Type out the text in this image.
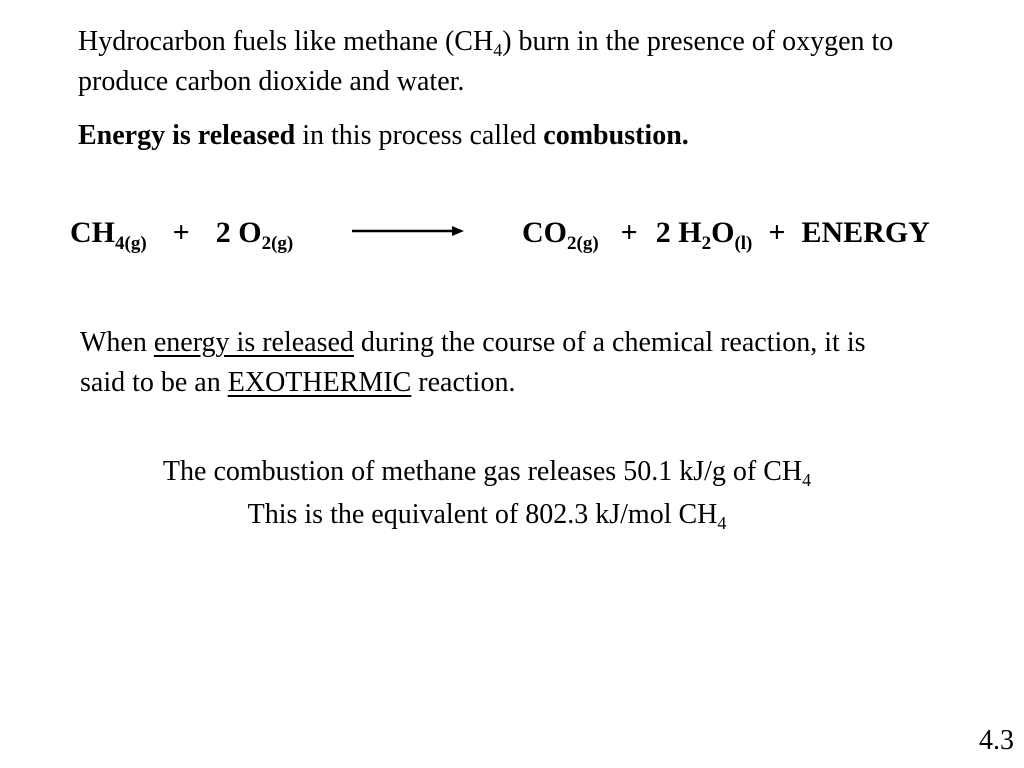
Hydrocarbon fuels like methane $(CH_4)$ burn in the presence of oxygen to produce carbon dioxide and water.
Energy is released in this process called combustion.
$CH_{4(g)} + 2$ $O_{2(g)}$	$CO_{2(g)} + 2$ $H_2O_{(l)}$ + ENERGY
When energy is released during the course of a chemical reaction, it is said to be an EXOTHERMIC reaction.
The combustion of methane gas releases 50.1 kJ/g of $CH_4$
This is the equivalent of 802.3 kJ/mol $CH_4$
4.3
